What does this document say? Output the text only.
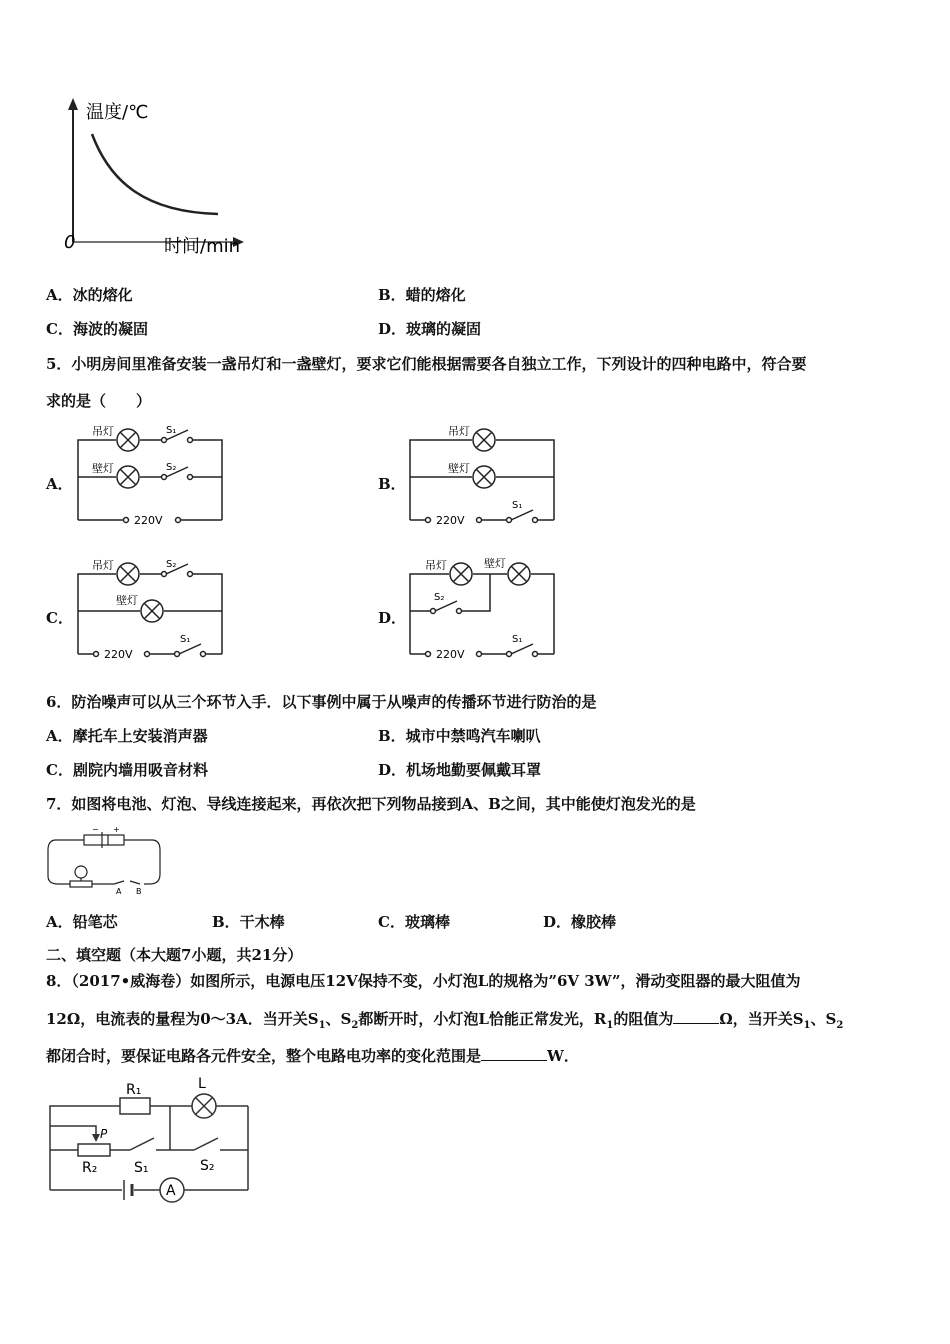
温度/℃
0	时间/min
A．冰的熔化	B．蜡的熔化
C．海波的凝固	D．玻璃的凝固
5．小明房间里准备安装一盏吊灯和一盏壁灯，要求它们能根据需要各自独立工作，下列设计的四种电路中，符合要
求的是（　　）
A．	B．
C．	D．
吊灯
壁灯
S₁
S₂
220V
吊灯
壁灯
S₁
220V
吊灯
壁灯
S₂
S₁
220V
吊灯	壁灯
S₂
S₁
220V
6．防治噪声可以从三个环节入手．以下事例中属于从噪声的传播环节进行防治的是
A．摩托车上安装消声器	B．城市中禁鸣汽车喇叭
C．剧院内墙用吸音材料	D．机场地勤要佩戴耳罩
7．如图将电池、灯泡、导线连接起来，再依次把下列物品接到A、B之间，其中能使灯泡发光的是
− +
A B
A．铅笔芯	B．干木棒	C．玻璃棒	D．橡胶棒
二、填空题（本大题7小题，共21分）
8．（2017•威海卷）如图所示，电源电压12V保持不变，小灯泡L的规格为”6V 3W”，滑动变阻器的最大阻值为
12Ω，电流表的量程为0～3A．当开关$S_1$、$S_2$都断开时，小灯泡L恰能正常发光，$R_1$的阻值为	Ω，当开关$S_1$、$S_2$
都闭合时，要保证电路各元件安全，整个电路电功率的变化范围是	W．
R₁	L
P
R₂	S₁	S₂
A
